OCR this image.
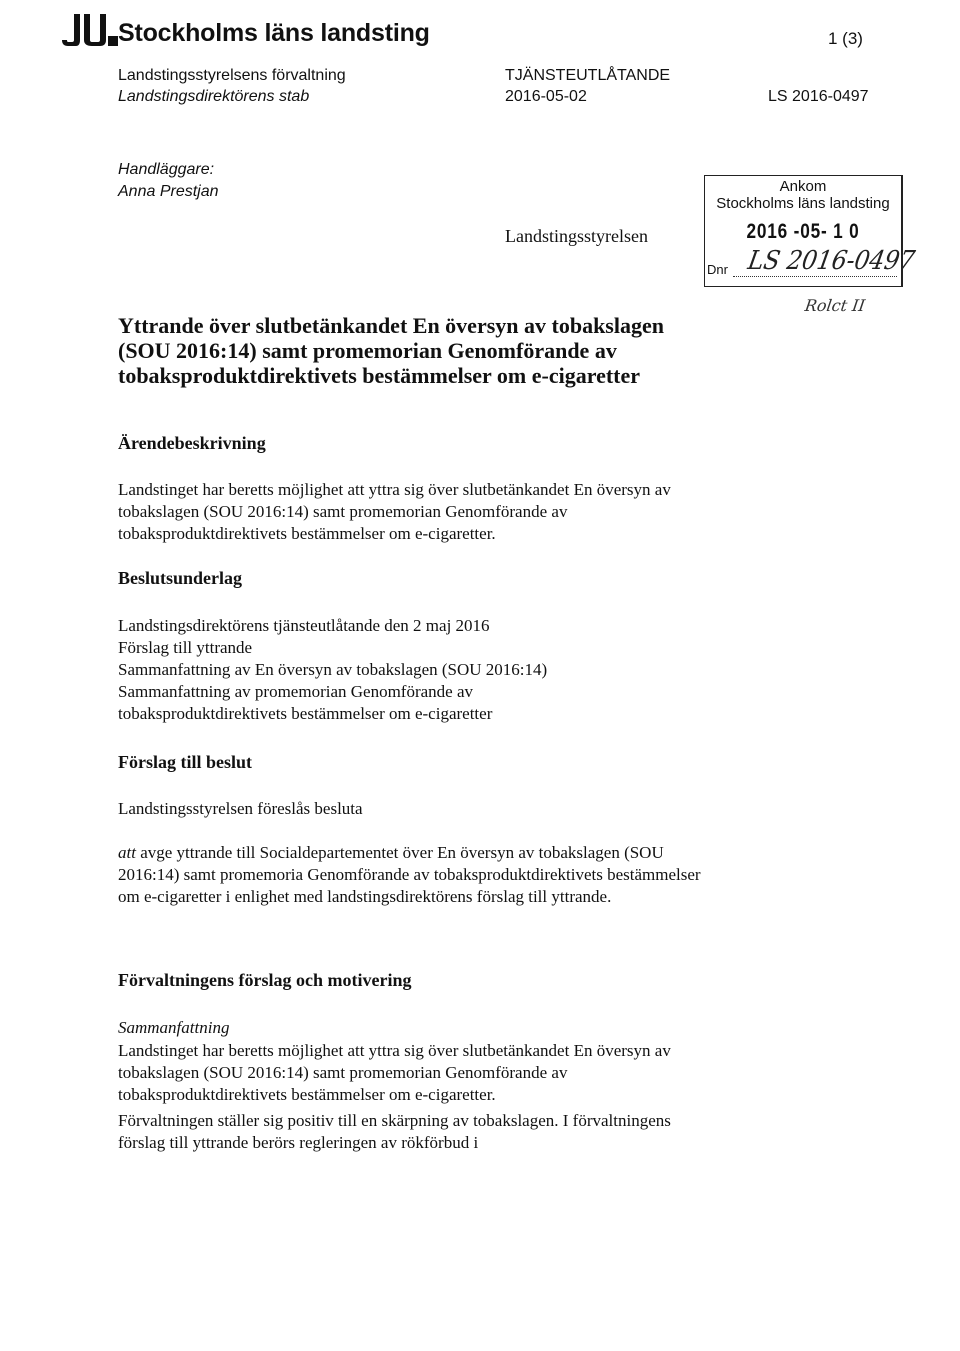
Stockholms läns landsting	1 (3)
Landstingsstyrelsens förvaltning
Landstingsdirektörens stab
TJÄNSTEUTLÅTANDE
2016-05-02	LS 2016-0497
Handläggare:
Anna Prestjan
Landstingsstyrelsen
Ankom
Stockholms läns landsting
2016 -05- 1 0
Dnr LS 2016-0497
Rolct II
Yttrande över slutbetänkandet En översyn av tobakslagen (SOU 2016:14) samt promemorian Genomförande av tobaksproduktdirektivets bestämmelser om e-cigaretter
Ärendebeskrivning
Landstinget har beretts möjlighet att yttra sig över slutbetänkandet En översyn av tobakslagen (SOU 2016:14) samt promemorian Genomförande av tobaksproduktdirektivets bestämmelser om e-cigaretter.
Beslutsunderlag
Landstingsdirektörens tjänsteutlåtande den 2 maj 2016
Förslag till yttrande
Sammanfattning av En översyn av tobakslagen (SOU 2016:14)
Sammanfattning av promemorian Genomförande av tobaksproduktdirektivets bestämmelser om e-cigaretter
Förslag till beslut
Landstingsstyrelsen föreslås besluta
att avge yttrande till Socialdepartementet över En översyn av tobakslagen (SOU 2016:14) samt promemoria Genomförande av tobaksproduktdirektivets bestämmelser om e-cigaretter i enlighet med landstingsdirektörens förslag till yttrande.
Förvaltningens förslag och motivering
Sammanfattning
Landstinget har beretts möjlighet att yttra sig över slutbetänkandet En översyn av tobakslagen (SOU 2016:14) samt promemorian Genomförande av tobaksproduktdirektivets bestämmelser om e-cigaretter.
Förvaltningen ställer sig positiv till en skärpning av tobakslagen. I förvaltningens förslag till yttrande berörs regleringen av rökförbud i
